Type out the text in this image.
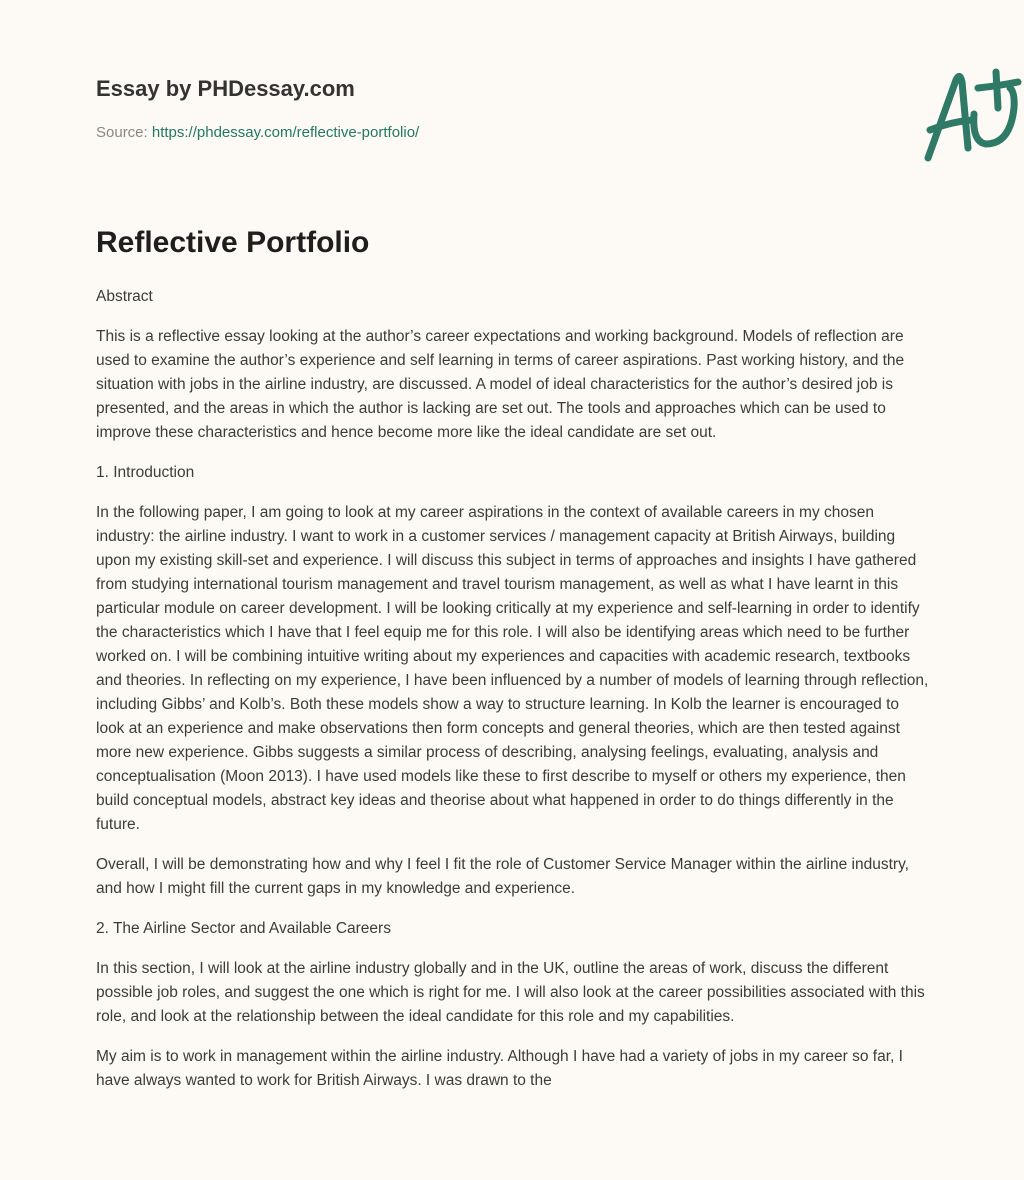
Essay by PHDessay.com
Source: https://phdessay.com/reflective-portfolio/
Reflective Portfolio

Abstract

This is a reflective essay looking at the author’s career expectations and working background. Models of reflection are used to examine the author’s experience and self learning in terms of career aspirations. Past working history, and the situation with jobs in the airline industry, are discussed. A model of ideal characteristics for the author’s desired job is presented, and the areas in which the author is lacking are set out. The tools and approaches which can be used to improve these characteristics and hence become more like the ideal candidate are set out.

1. Introduction

In the following paper, I am going to look at my career aspirations in the context of available careers in my chosen industry: the airline industry. I want to work in a customer services / management capacity at British Airways, building upon my existing skill-set and experience. I will discuss this subject in terms of approaches and insights I have gathered from studying international tourism management and travel tourism management, as well as what I have learnt in this particular module on career development. I will be looking critically at my experience and self-learning in order to identify the characteristics which I have that I feel equip me for this role. I will also be identifying areas which need to be further worked on. I will be combining intuitive writing about my experiences and capacities with academic research, textbooks and theories. In reflecting on my experience, I have been influenced by a number of models of learning through reflection, including Gibbs’ and Kolb’s. Both these models show a way to structure learning. In Kolb the learner is encouraged to look at an experience and make observations then form concepts and general theories, which are then tested against more new experience. Gibbs suggests a similar process of describing, analysing feelings, evaluating, analysis and conceptualisation (Moon 2013). I have used models like these to first describe to myself or others my experience, then build conceptual models, abstract key ideas and theorise about what happened in order to do things differently in the future.

Overall, I will be demonstrating how and why I feel I fit the role of Customer Service Manager within the airline industry, and how I might fill the current gaps in my knowledge and experience.

2. The Airline Sector and Available Careers

In this section, I will look at the airline industry globally and in the UK, outline the areas of work, discuss the different possible job roles, and suggest the one which is right for me. I will also look at the career possibilities associated with this role, and look at the relationship between the ideal candidate for this role and my capabilities.

My aim is to work in management within the airline industry. Although I have had a variety of jobs in my career so far, I have always wanted to work for British Airways. I was drawn to the
